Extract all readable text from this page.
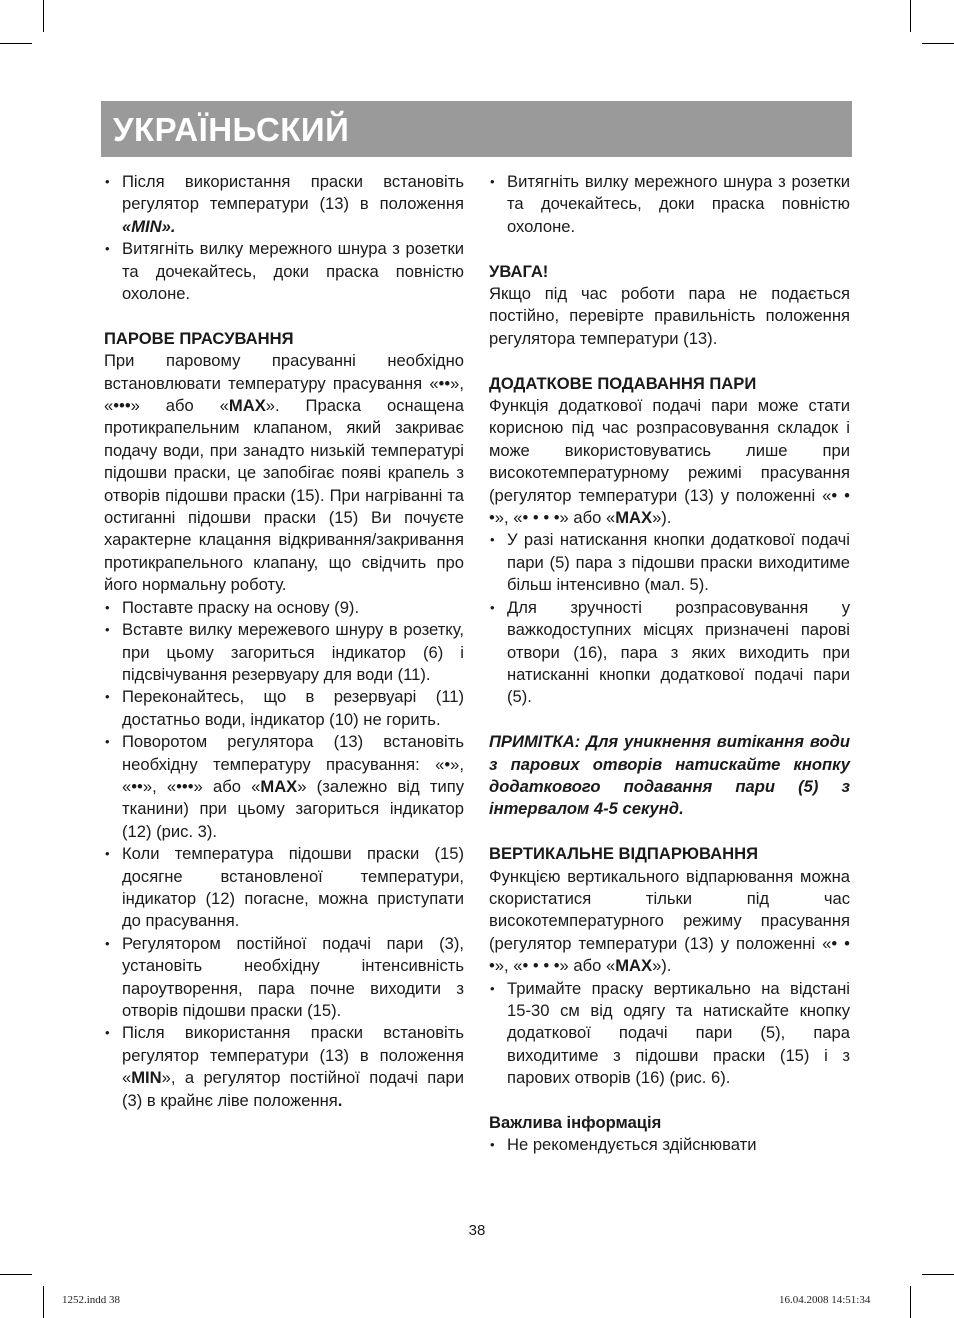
УКРАЇНЬСКИЙ

• Після використання праски встановіть регулятор температури (13) в положення «MIN».

• Витягніть вилку мережного шнура з розетки та дочекайтесь, доки праска повністю охолоне.

ПАРОВЕ ПРАСУВАННЯ

При паровому прасуванні необхідно встановлювати температуру прасування «••», «•••» або «MAX». Праска оснащена протикрапельним клапаном, який закриває подачу води, при занадто низькій температурі підошви праски, це запобігає появі крапель з отворів підошви праски (15). При нагріванні та остиганні підошви праски (15) Ви почуєте характерне клацання відкривання/закривання протикрапельного клапану, що свідчить про його нормальну роботу.

• Поставте праску на основу (9).

• Вставте вилку мережевого шнуру в розетку, при цьому загориться індикатор (6) і підсвічування резервуару для води (11).

• Переконайтесь, що в резервуарі (11) достатньо води, індикатор (10) не горить.

• Поворотом регулятора (13) встановіть необхідну температуру прасування: «•», «••», «•••» або «MAX» (залежно від типу тканини) при цьому загориться індикатор (12) (рис. 3).

• Коли температура підошви праски (15) досягне встановленої температури, індикатор (12) погасне, можна приступати до прасування.

• Регулятором постійної подачі пари (3), установіть необхідну інтенсивність пароутворення, пара почне виходити з отворів підошви праски (15).

• Після використання праски встановіть регулятор температури (13) в положення «MIN», а регулятор постійної подачі пари (3) в крайнє ліве положення.

• Витягніть вилку мережного шнура з розетки та дочекайтесь, доки праска повністю охолоне.

УВАГА!

Якщо під час роботи пара не подається постійно, перевірте правильність положення регулятора температури (13).

ДОДАТКОВЕ ПОДАВАННЯ ПАРИ

Функція додаткової подачі пари може стати корисною під час розпрасовування складок і може використовуватись лише при високотемпературному режимі прасування (регулятор температури (13) у положенні «• • •», «• • • •» або «MAX»).

• У разі натискання кнопки додаткової подачі пари (5) пара з підошви праски виходитиме більш інтенсивно (мал. 5).

• Для зручності розпрасовування у важкодоступних місцях призначені парові отвори (16), пара з яких виходить при натисканні кнопки додаткової подачі пари (5).

ПРИМІТКА: Для уникнення витікання води з парових отворів натискайте кнопку додаткового подавання пари (5) з інтервалом 4-5 секунд.

ВЕРТИКАЛЬНЕ ВІДПАРЮВАННЯ

Функцією вертикального відпарювання можна скористатися тільки під час високотемпературного режиму прасування (регулятор температури (13) у положенні «• • •», «• • • •» або «MAX»).

• Тримайте праску вертикально на відстані 15-30 см від одягу та натискайте кнопку додаткової подачі пари (5), пара виходитиме з підошви праски (15) і з парових отворів (16) (рис. 6).

Важлива інформація

• Не рекомендується здійснювати

38
1252.indd 38	16.04.2008 14:51:34
